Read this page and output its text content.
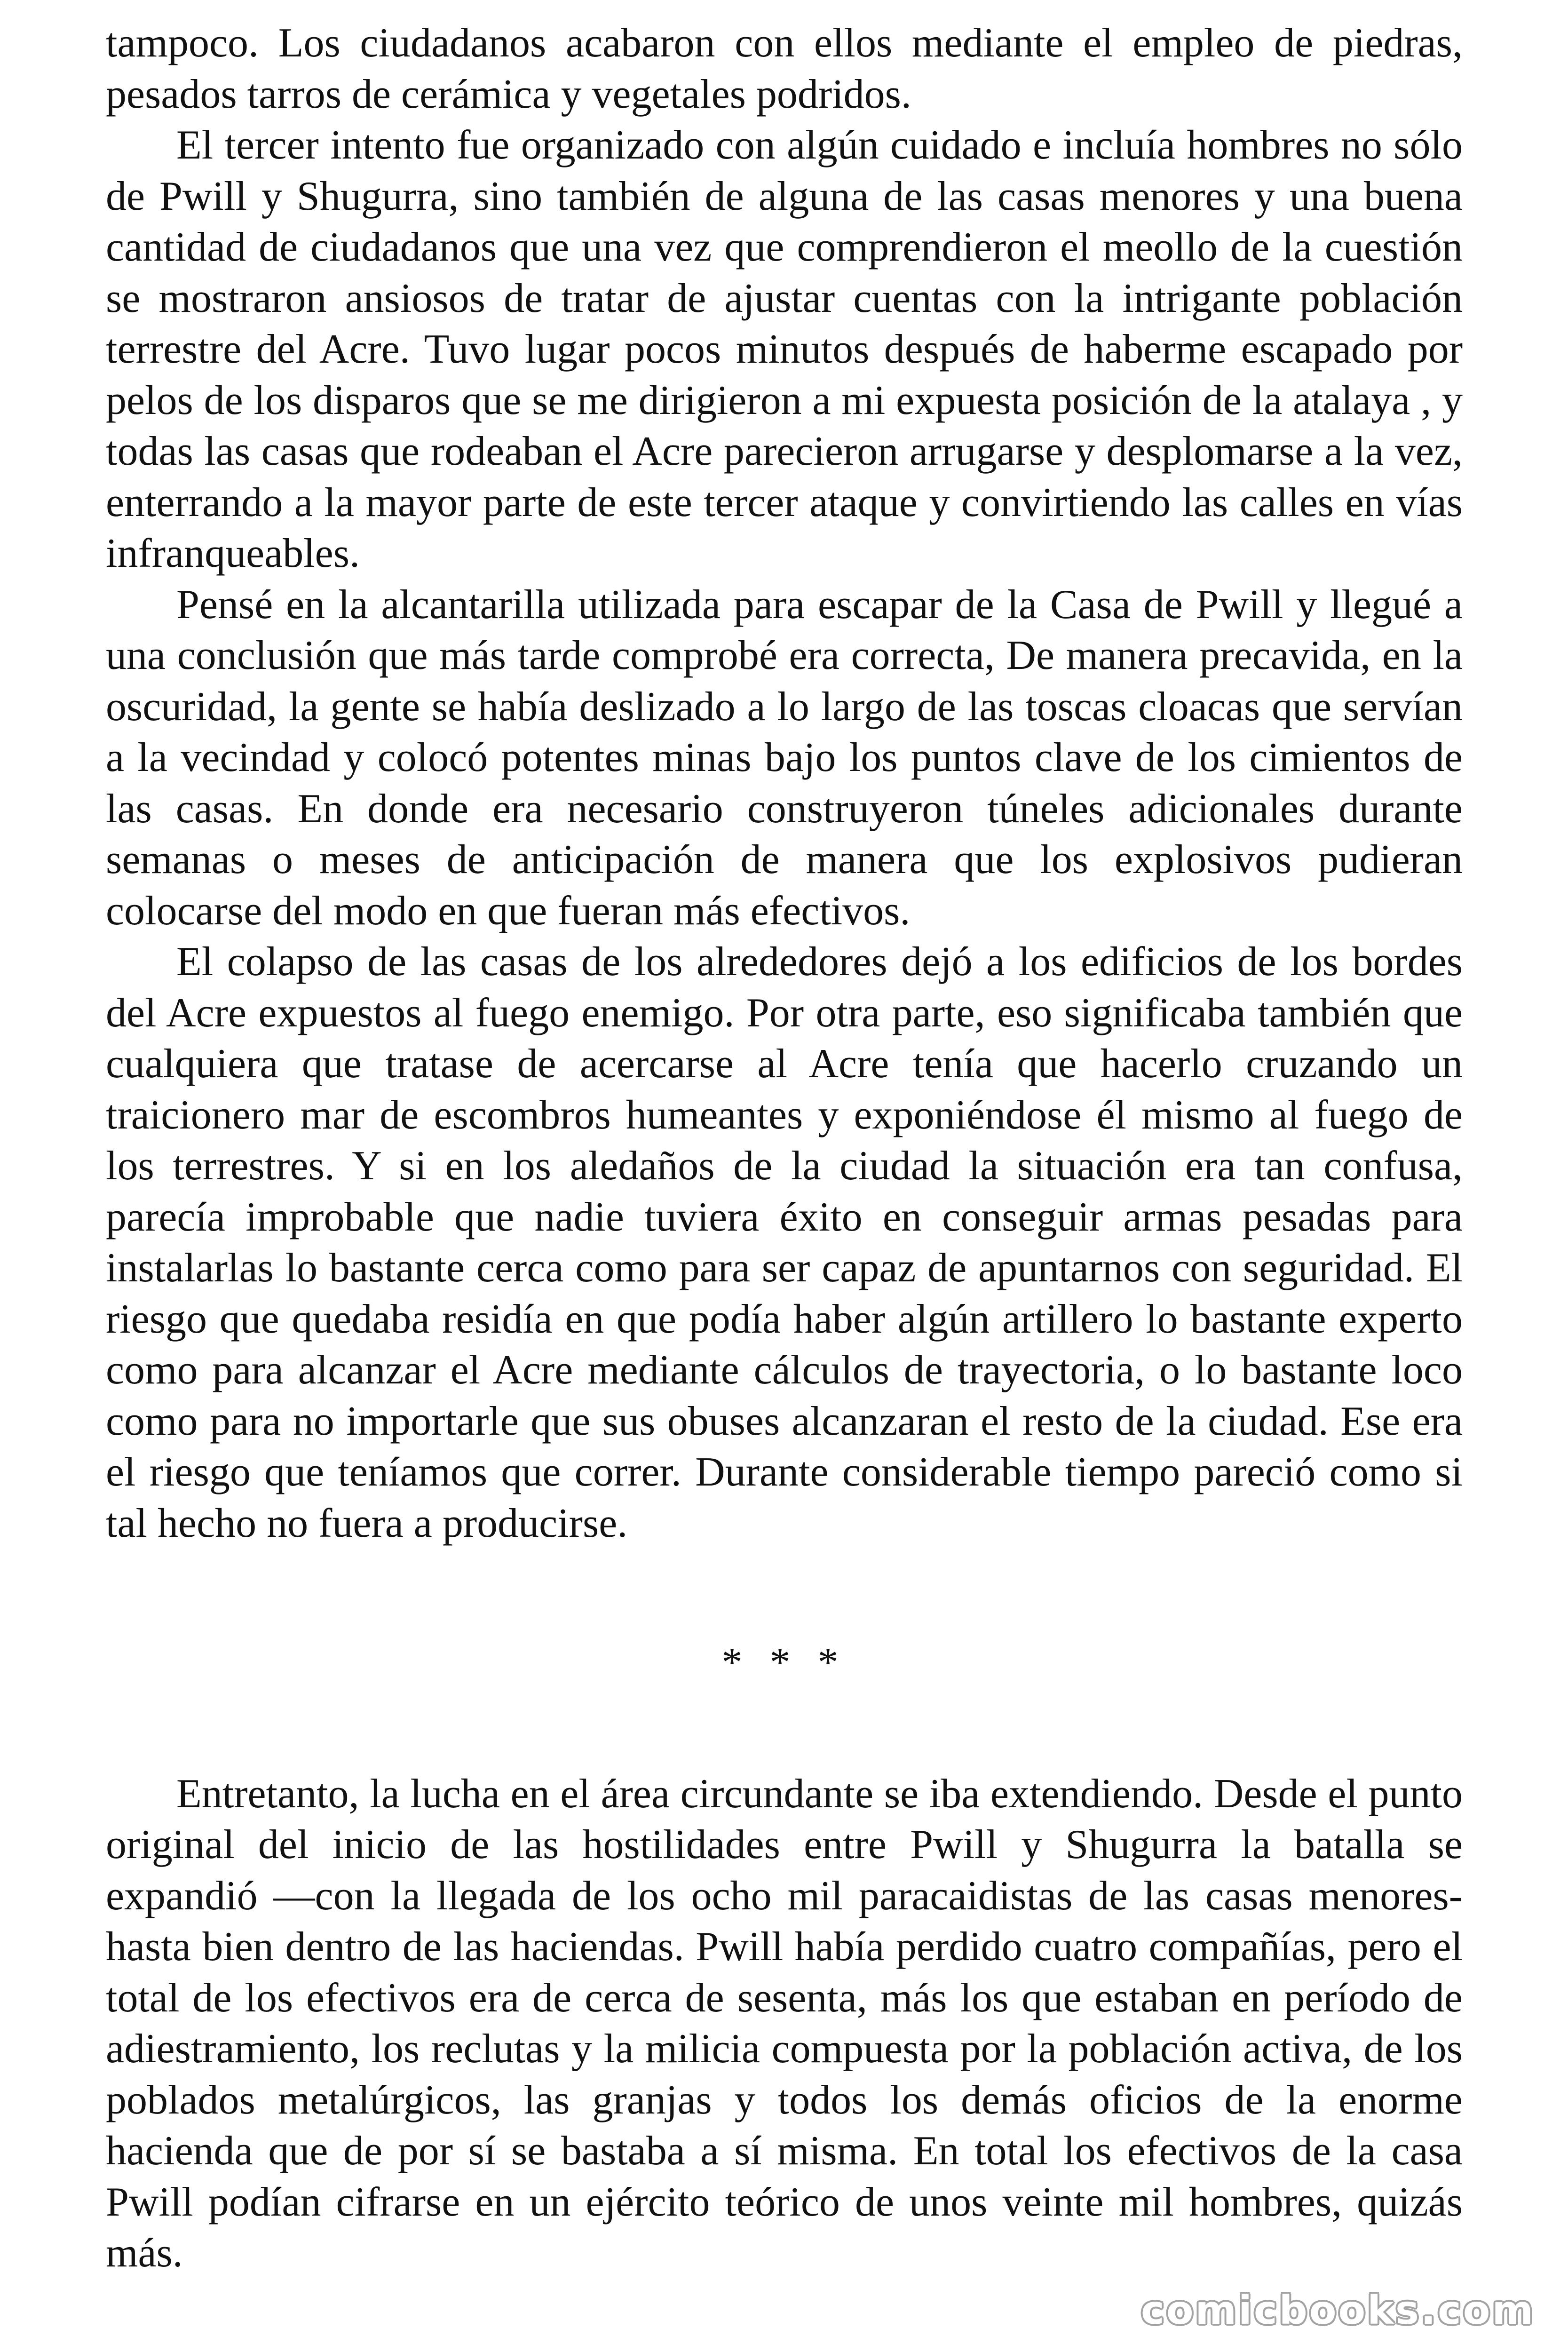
tampoco. Los ciudadanos acabaron con ellos mediante el empleo de piedras, pesados tarros de cerámica y vegetales podridos.

El tercer intento fue organizado con algún cuidado e incluía hombres no sólo de Pwill y Shugurra, sino también de alguna de las casas menores y una buena cantidad de ciudadanos que una vez que comprendieron el meollo de la cuestión se mostraron ansiosos de tratar de ajustar cuentas con la intrigante población terrestre del Acre. Tuvo lugar pocos minutos después de haberme escapado por pelos de los disparos que se me dirigieron a mi expuesta posición de la atalaya , y todas las casas que rodeaban el Acre parecieron arrugarse y desplomarse a la vez, enterrando a la mayor parte de este tercer ataque y convirtiendo las calles en vías infranqueables.

Pensé en la alcantarilla utilizada para escapar de la Casa de Pwill y llegué a una conclusión que más tarde comprobé era correcta, De manera precavida, en la oscuridad, la gente se había deslizado a lo largo de las toscas cloacas que servían a la vecindad y colocó potentes minas bajo los puntos clave de los cimientos de las casas. En donde era necesario construyeron túneles adicionales durante semanas o meses de anticipación de manera que los explosivos pudieran colocarse del modo en que fueran más efectivos.

El colapso de las casas de los alrededores dejó a los edificios de los bordes del Acre expuestos al fuego enemigo. Por otra parte, eso significaba también que cualquiera que tratase de acercarse al Acre tenía que hacerlo cruzando un traicionero mar de escombros humeantes y exponiéndose él mismo al fuego de los terrestres. Y si en los aledaños de la ciudad la situación era tan confusa, parecía improbable que nadie tuviera éxito en conseguir armas pesadas para instalarlas lo bastante cerca como para ser capaz de apuntarnos con seguridad. El riesgo que quedaba residía en que podía haber algún artillero lo bastante experto como para alcanzar el Acre mediante cálculos de trayectoria, o lo bastante loco como para no importarle que sus obuses alcanzaran el resto de la ciudad. Ese era el riesgo que teníamos que correr. Durante considerable tiempo pareció como si tal hecho no fuera a producirse.

* * *

Entretanto, la lucha en el área circundante se iba extendiendo. Desde el punto original del inicio de las hostilidades entre Pwill y Shugurra la batalla se expandió —con la llegada de los ocho mil paracaidistas de las casas menores- hasta bien dentro de las haciendas. Pwill había perdido cuatro compañías, pero el total de los efectivos era de cerca de sesenta, más los que estaban en período de adiestramiento, los reclutas y la milicia compuesta por la población activa, de los poblados metalúrgicos, las granjas y todos los demás oficios de la enorme hacienda que de por sí se bastaba a sí misma. En total los efectivos de la casa Pwill podían cifrarse en un ejército teórico de unos veinte mil hombres, quizás más.

comicbooks.com
